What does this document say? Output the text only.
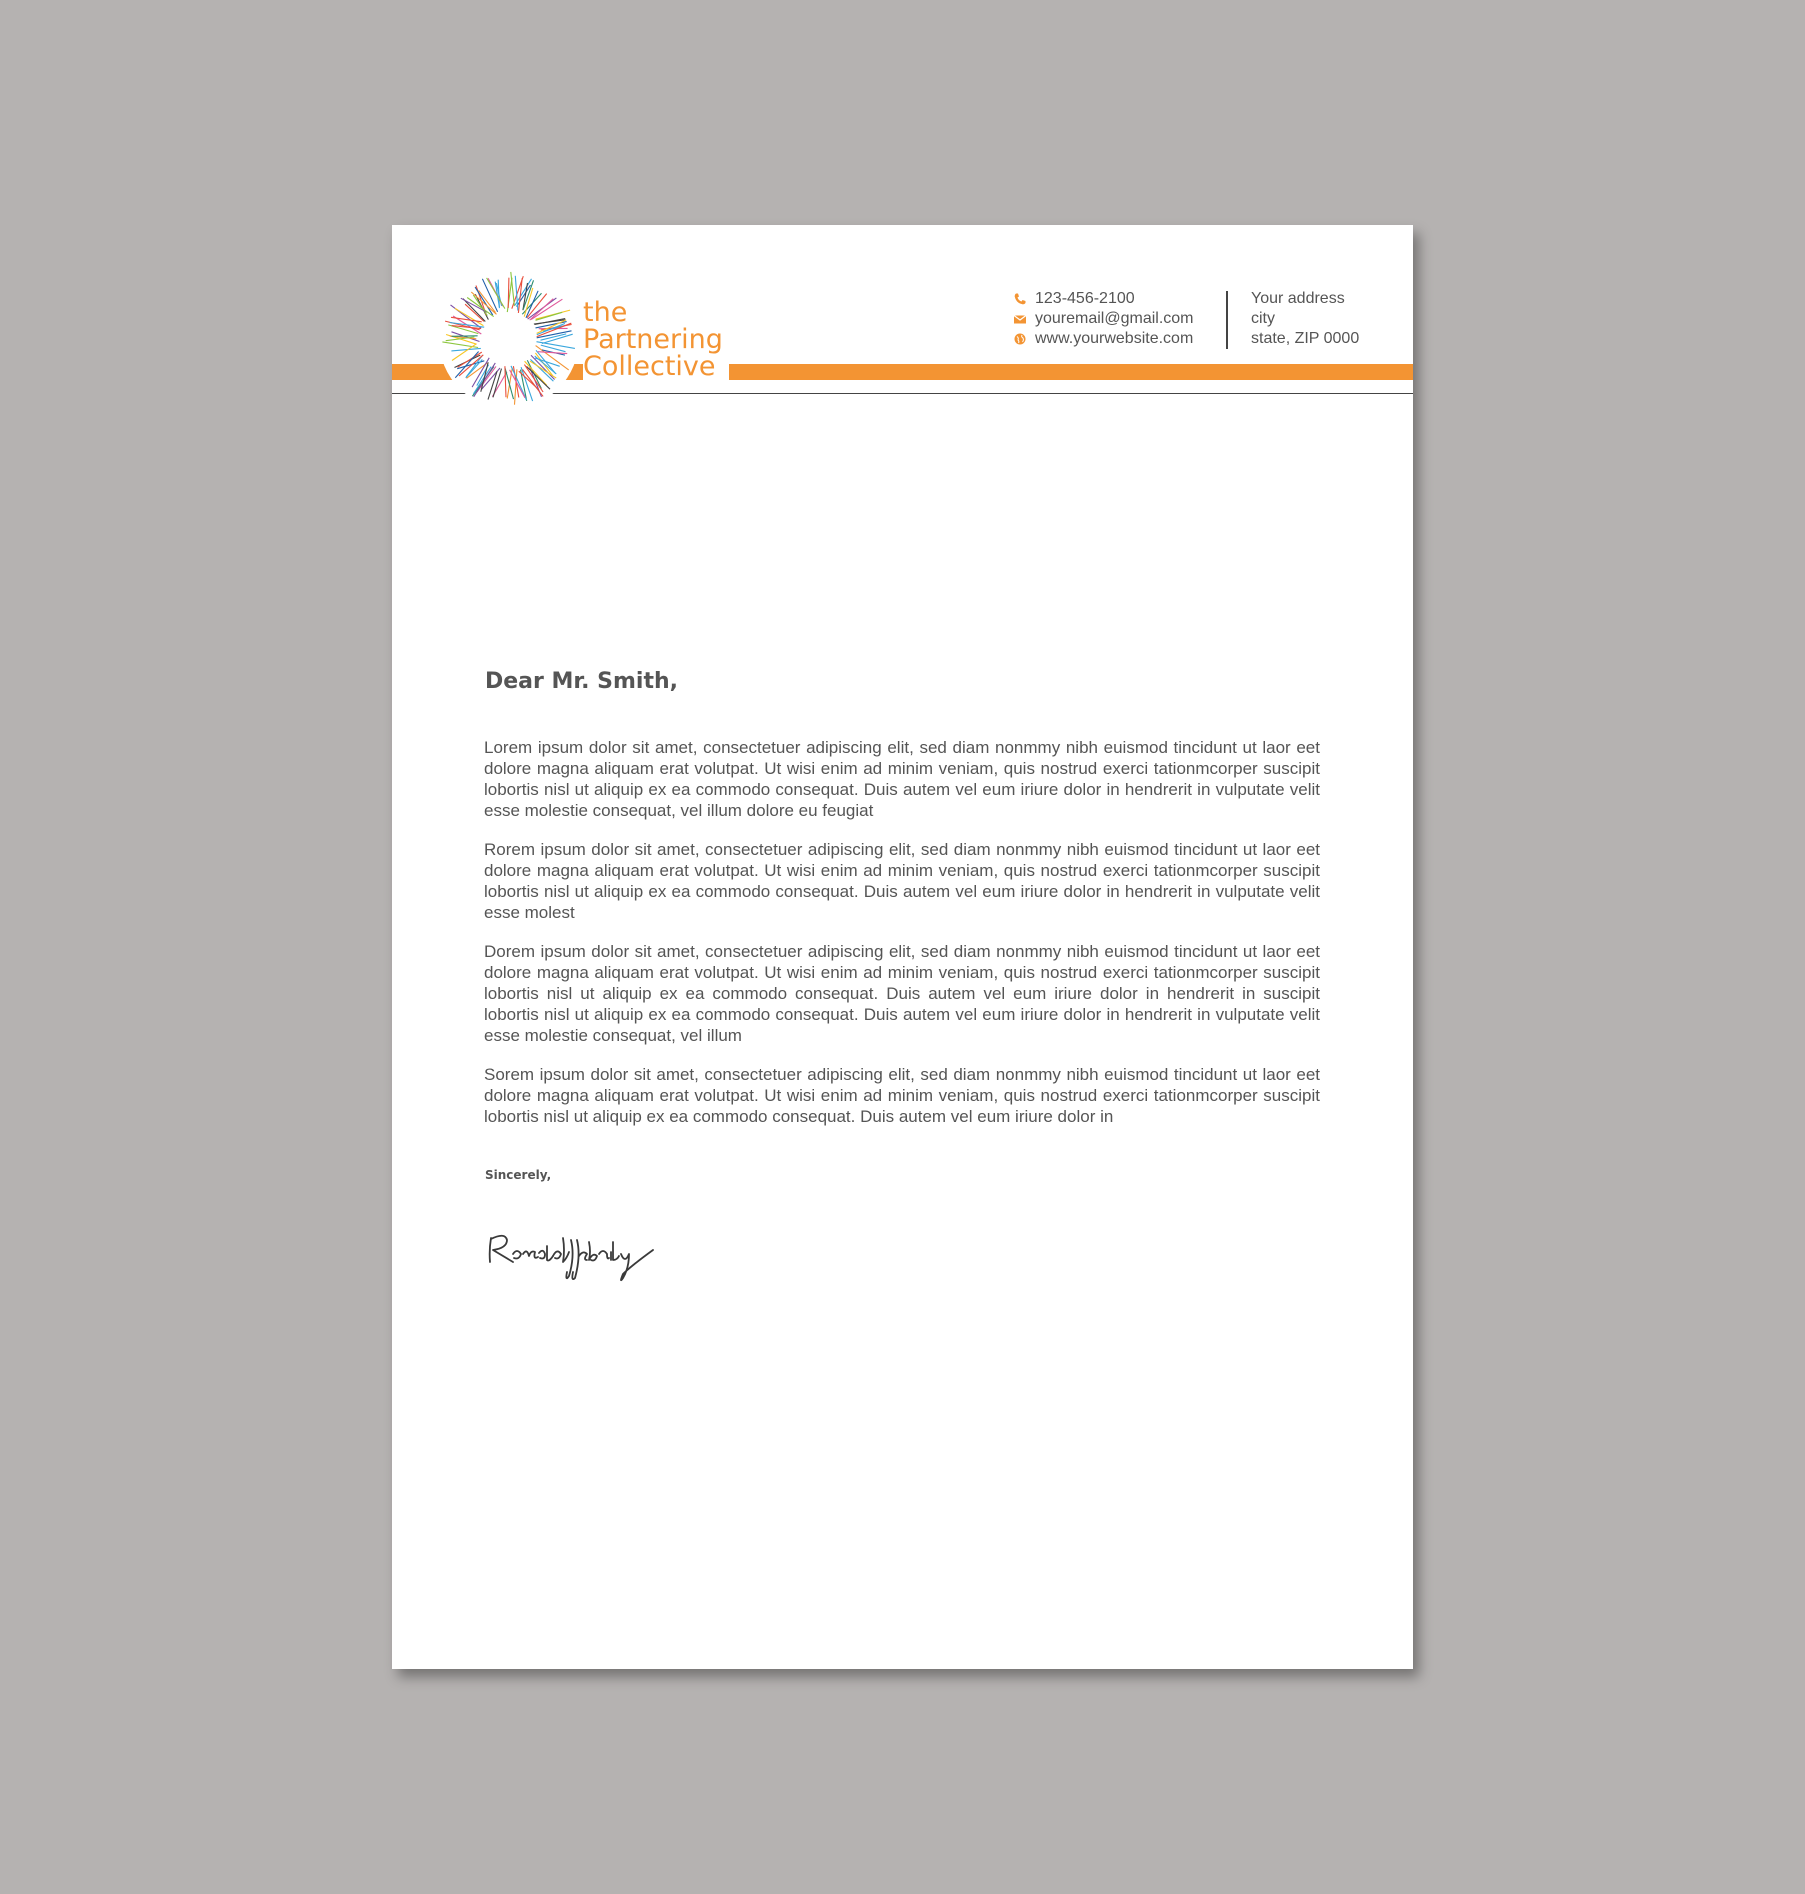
the
Partnering
Collective
123-456-2100
youremail@gmail.com
www.yourwebsite.com
Your address
city
state, ZIP 0000
Dear Mr. Smith,

Lorem ipsum dolor sit amet, consectetuer adipiscing elit, sed diam nonmmy nibh euismod tincidunt ut laor eet dolore magna aliquam erat volutpat. Ut wisi enim ad minim veniam, quis nostrud exerci tationmcorper suscipit lobortis nisl ut aliquip ex ea commodo consequat. Duis autem vel eum iriure dolor in hendrerit in vulputate velit esse molestie consequat, vel illum dolore eu feugiat

Rorem ipsum dolor sit amet, consectetuer adipiscing elit, sed diam nonmmy nibh euismod tincidunt ut laor eet dolore magna aliquam erat volutpat. Ut wisi enim ad minim veniam, quis nostrud exerci tationmcorper suscipit lobortis nisl ut aliquip ex ea commodo consequat. Duis autem vel eum iriure dolor in hendrerit in vulputate velit esse molest

Dorem ipsum dolor sit amet, consectetuer adipiscing elit, sed diam nonmmy nibh euismod tincidunt ut laor eet dolore magna aliquam erat volutpat. Ut wisi enim ad minim veniam, quis nostrud exerci tationmcorper suscipit lobortis nisl ut aliquip ex ea commodo consequat. Duis autem vel eum iriure dolor in hendrerit in suscipit lobortis nisl ut aliquip ex ea commodo consequat. Duis autem vel eum iriure dolor in hendrerit in vulputate velit esse molestie consequat, vel illum

Sorem ipsum dolor sit amet, consectetuer adipiscing elit, sed diam nonmmy nibh euismod tincidunt ut laor eet dolore magna aliquam erat volutpat. Ut wisi enim ad minim veniam, quis nostrud exerci tationmcorper suscipit lobortis nisl ut aliquip ex ea commodo consequat. Duis autem vel eum iriure dolor in

Sincerely,
